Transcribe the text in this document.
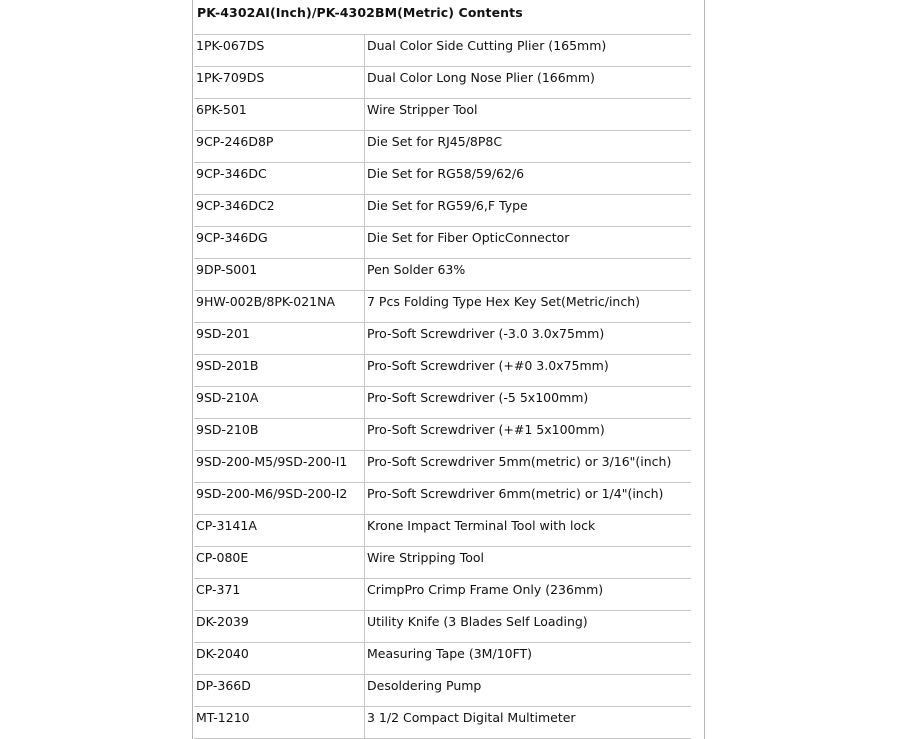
PK-4302AI(Inch)/PK-4302BM(Metric) Contents
1PK-067DS	Dual Color Side Cutting Plier (165mm)
1PK-709DS	Dual Color Long Nose Plier (166mm)
6PK-501	Wire Stripper Tool
9CP-246D8P	Die Set for RJ45/8P8C
9CP-346DC	Die Set for RG58/59/62/6
9CP-346DC2	Die Set for RG59/6,F Type
9CP-346DG	Die Set for Fiber OpticConnector
9DP-S001	Pen Solder 63%
9HW-002B/8PK-021NA	7 Pcs Folding Type Hex Key Set(Metric/inch)
9SD-201	Pro-Soft Screwdriver (-3.0 3.0x75mm)
9SD-201B	Pro-Soft Screwdriver (+#0 3.0x75mm)
9SD-210A	Pro-Soft Screwdriver (-5 5x100mm)
9SD-210B	Pro-Soft Screwdriver (+#1 5x100mm)
9SD-200-M5/9SD-200-I1	Pro-Soft Screwdriver 5mm(metric) or 3/16"(inch)
9SD-200-M6/9SD-200-I2	Pro-Soft Screwdriver 6mm(metric) or 1/4"(inch)
CP-3141A	Krone Impact Terminal Tool with lock
CP-080E	Wire Stripping Tool
CP-371	CrimpPro Crimp Frame Only (236mm)
DK-2039	Utility Knife (3 Blades Self Loading)
DK-2040	Measuring Tape (3M/10FT)
DP-366D	Desoldering Pump
MT-1210	3 1/2 Compact Digital Multimeter
